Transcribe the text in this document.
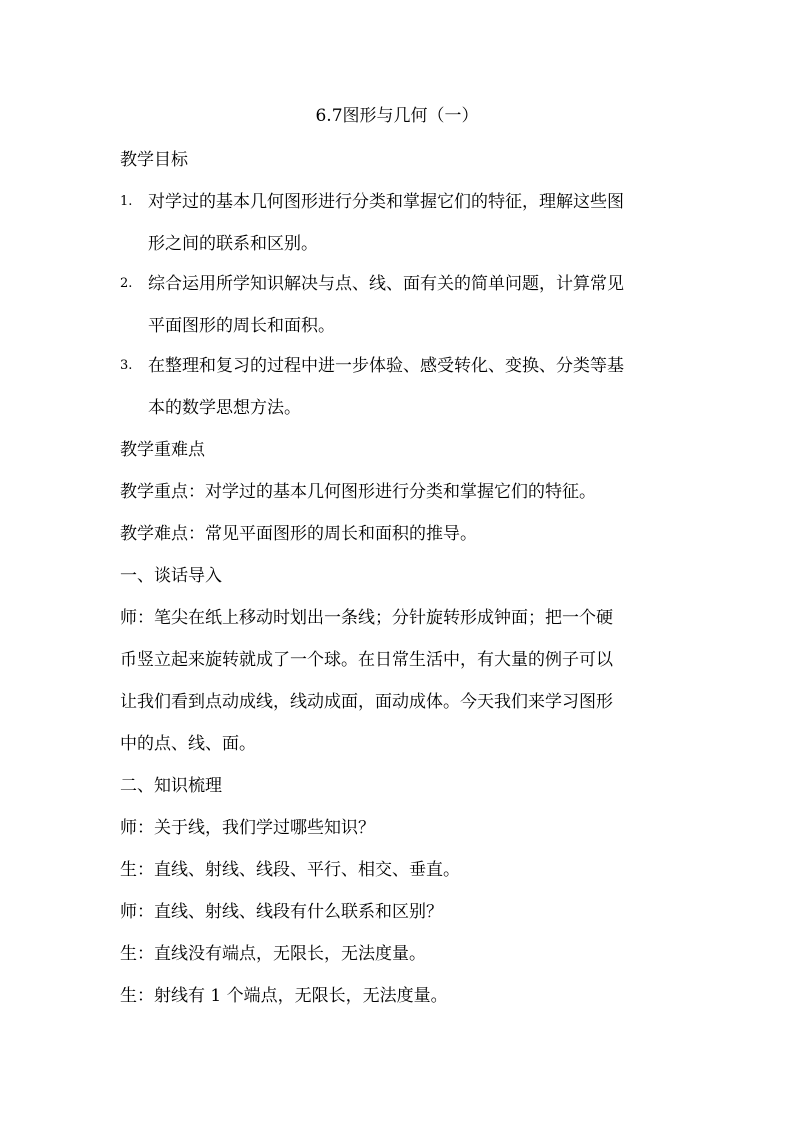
6.7图形与几何（一）
教学目标
1. 对学过的基本几何图形进行分类和掌握它们的特征，理解这些图
形之间的联系和区别。
2. 综合运用所学知识解决与点、线、面有关的简单问题，计算常见
平面图形的周长和面积。
3. 在整理和复习的过程中进一步体验、感受转化、变换、分类等基
本的数学思想方法。
教学重难点
教学重点：对学过的基本几何图形进行分类和掌握它们的特征。
教学难点：常见平面图形的周长和面积的推导。
一、谈话导入
师：笔尖在纸上移动时划出一条线；分针旋转形成钟面；把一个硬
币竖立起来旋转就成了一个球。在日常生活中，有大量的例子可以
让我们看到点动成线，线动成面，面动成体。今天我们来学习图形
中的点、线、面。
二、知识梳理
师：关于线，我们学过哪些知识？
生：直线、射线、线段、平行、相交、垂直。
师：直线、射线、线段有什么联系和区别？
生：直线没有端点，无限长，无法度量。
生：射线有 1 个端点，无限长，无法度量。
